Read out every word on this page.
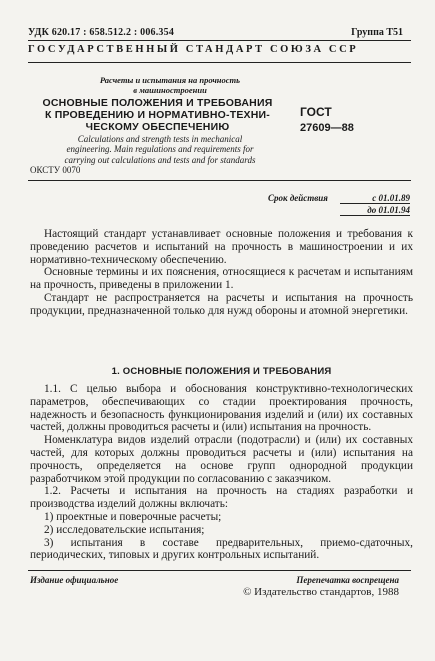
УДК 620.17 : 658.512.2 : 006.354	Группа Т51
ГОСУДАРСТВЕННЫЙ СТАНДАРТ СОЮЗА ССР
Расчеты и испытания на прочность
в машиностроении
ОСНОВНЫЕ ПОЛОЖЕНИЯ И ТРЕБОВАНИЯ
К ПРОВЕДЕНИЮ И НОРМАТИВНО-ТЕХНИ-
ЧЕСКОМУ ОБЕСПЕЧЕНИЮ
ГОСТ
27609—88
Calculations and strength tests in mechanical
engineering. Main regulations and requirements for
carrying out calculations and tests and for standards
ОКСТУ 0070
Срок действия	с 01.01.89
до 01.01.94

Настоящий стандарт устанавливает основные положения и требования к проведению расчетов и испытаний на прочность в машиностроении и их нормативно-техническому обеспечению.

Основные термины и их пояснения, относящиеся к расчетам и испытаниям на прочность, приведены в приложении 1.

Стандарт не распространяется на расчеты и испытания на прочность продукции, предназначенной только для нужд обороны и атомной энергетики.

1. ОСНОВНЫЕ ПОЛОЖЕНИЯ И ТРЕБОВАНИЯ

1.1. С целью выбора и обоснования конструктивно-технологических параметров, обеспечивающих со стадии проектирования прочность, надежность и безопасность функционирования изделий и (или) их составных частей, должны проводиться расчеты и (или) испытания на прочность.

Номенклатура видов изделий отрасли (подотрасли) и (или) их составных частей, для которых должны проводиться расчеты и (или) испытания на прочность, определяется на основе групп однородной продукции разработчиком этой продукции по согласованию с заказчиком.

1.2. Расчеты и испытания на прочность на стадиях разработки и производства изделий должны включать:

1) проектные и поверочные расчеты;

2) исследовательские испытания;

3) испытания в составе предварительных, приемо-сдаточных, периодических, типовых и других контрольных испытаний.

Издание официальное	Перепечатка воспрещена
© Издательство стандартов, 1988
